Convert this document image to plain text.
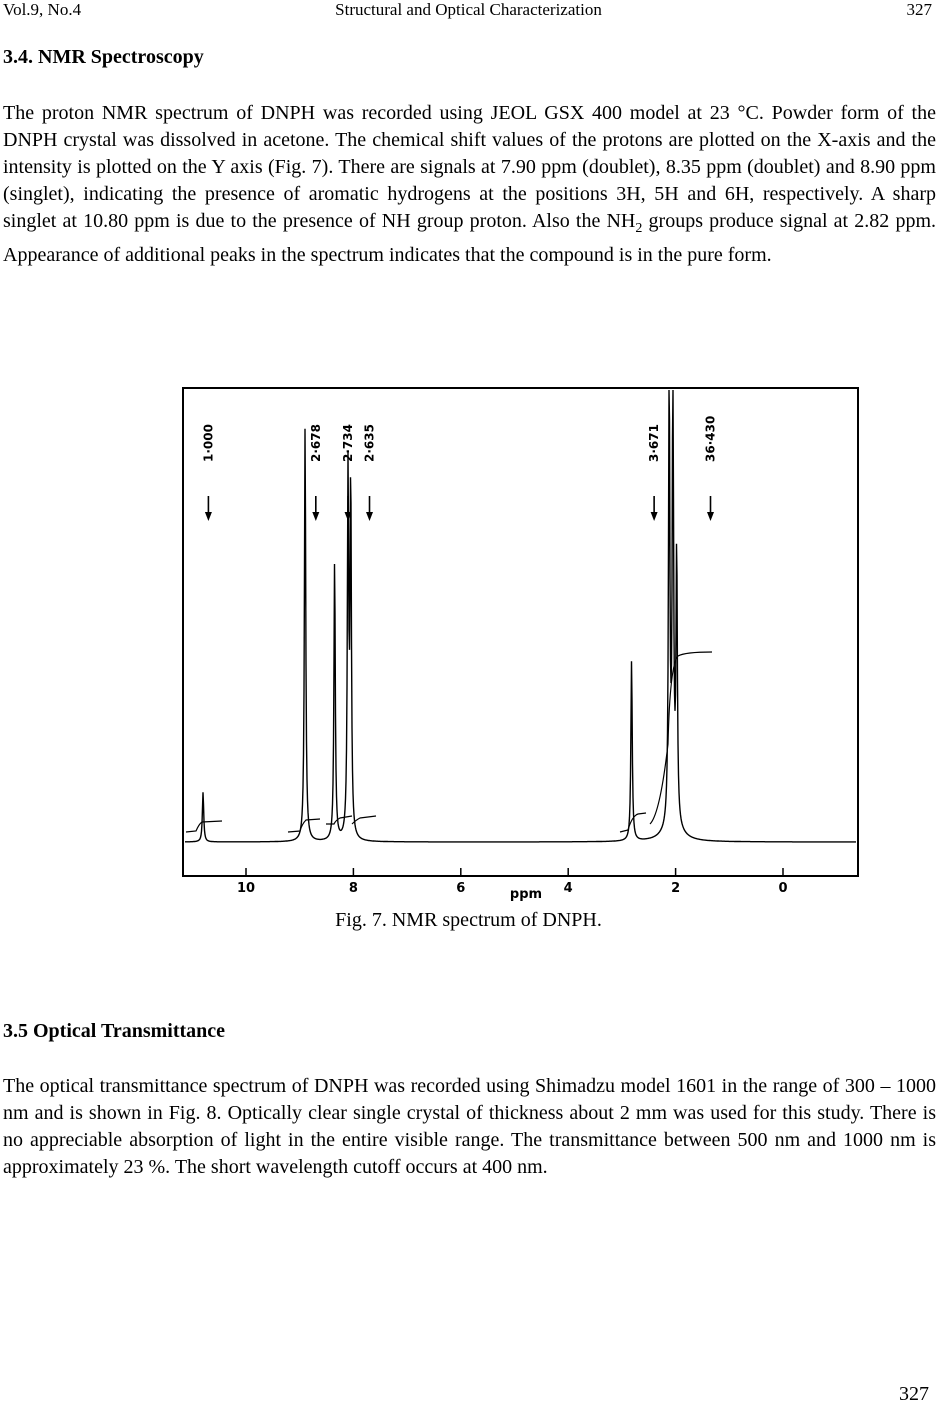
Vol.9, No.4	Structural and Optical Characterization	327
3.4. NMR Spectroscopy

The proton NMR spectrum of DNPH was recorded using JEOL GSX 400 model at 23 °C. Powder form of the DNPH crystal was dissolved in acetone. The chemical shift values of the protons are plotted on the X-axis and the intensity is plotted on the Y axis (Fig. 7). There are signals at 7.90 ppm (doublet), 8.35 ppm (doublet) and 8.90 ppm (singlet), indicating the presence of aromatic hydrogens at the positions 3H, 5H and 6H, respectively. A sharp singlet at 10.80 ppm is due to the presence of NH group proton. Also the $NH_2$ groups produce signal at 2.82 ppm. Appearance of additional peaks in the spectrum indicates that the compound is in the pure form.

10	8	6	4	2	0
1·000	2·678 2·734 2·635	3·671	36·430
ppm
Fig. 7. NMR spectrum of DNPH.
3.5 Optical Transmittance

The optical transmittance spectrum of DNPH was recorded using Shimadzu model 1601 in the range of 300 – 1000 nm and is shown in Fig. 8. Optically clear single crystal of thickness about 2 mm was used for this study. There is no appreciable absorption of light in the entire visible range. The transmittance between 500 nm and 1000 nm is approximately 23 %. The short wavelength cutoff occurs at 400 nm.

327
